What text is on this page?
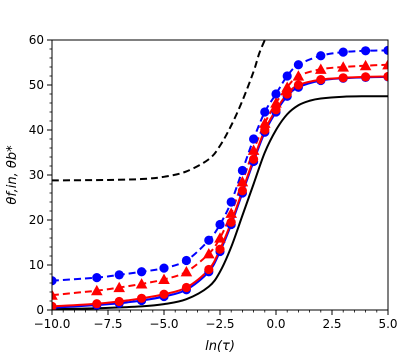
−10.0 −7.5 −5.0 −2.5	0.0	2.5	5.0
0
10
20
30
40
50
60
ln(τ)
θf,in, θb*
